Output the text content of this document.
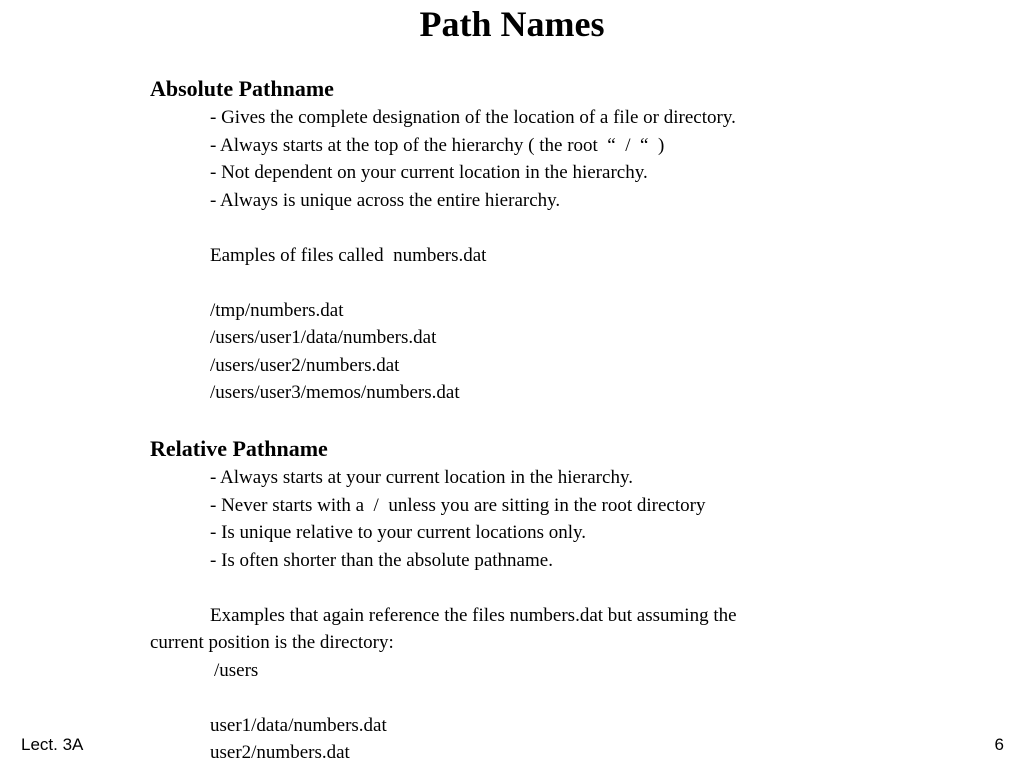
Path Names
Absolute Pathname
- Gives the complete designation of the location of a file or directory.
- Always starts at the top of the hierarchy ( the root  “  /  “  )
- Not dependent on your current location in the hierarchy.
- Always is unique across the entire hierarchy.
Eamples of files called  numbers.dat
/tmp/numbers.dat
/users/user1/data/numbers.dat
/users/user2/numbers.dat
/users/user3/memos/numbers.dat
Relative Pathname
- Always starts at your current location in the hierarchy.
- Never starts with a  /  unless you are sitting in the root directory
- Is unique relative to your current locations only.
- Is often shorter than the absolute pathname.
Examples that again reference the files numbers.dat but assuming the
current position is the directory:
/users
user1/data/numbers.dat
user2/numbers.dat
Lect. 3A	6
